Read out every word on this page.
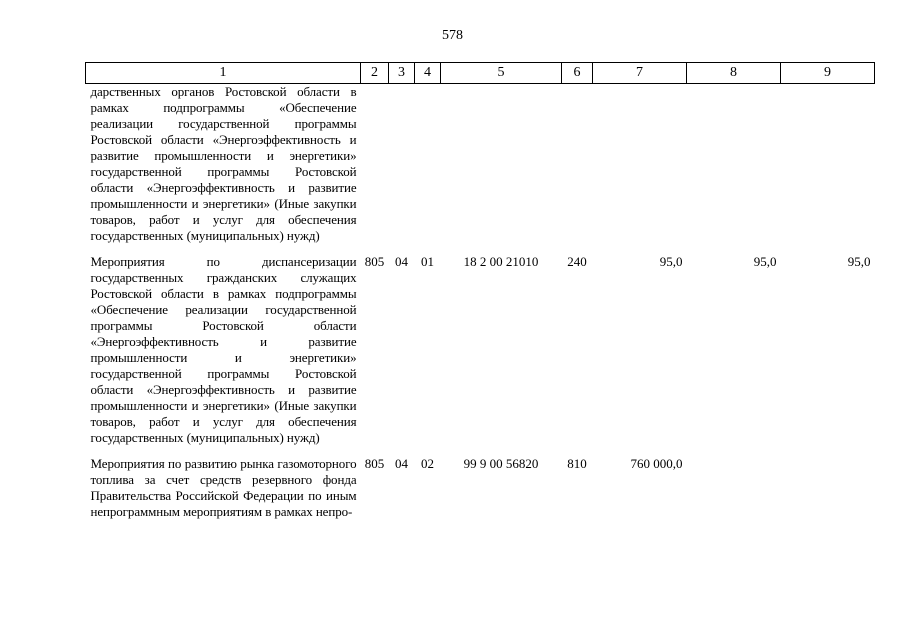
578
1	2	3	4	5	6	7	8	9
дарственных органов Ростовской области в рамках подпрограммы «Обеспечение реализации государственной программы Ростовской области «Энергоэффективность и развитие промышленности и энергетики» государственной программы Ростовской области «Энергоэффективность и развитие промышленности и энергетики» (Иные закупки товаров, работ и услуг для обеспечения государственных (муниципальных) нужд)								
Мероприятия по диспансеризации государственных гражданских служащих Ростовской области в рамках подпрограммы «Обеспечение реализации государственной программы Ростовской области «Энергоэффективность и развитие промышленности и энергетики» государственной программы Ростовской области «Энергоэффективность и развитие промышленности и энергетики» (Иные закупки товаров, работ и услуг для обеспечения государственных (муниципальных) нужд)	805	04	01	18 2 00 21010	240	95,0	95,0	95,0
Мероприятия по развитию рынка газомоторного топлива за счет средств резервного фонда Правительства Российской Федерации по иным непрограммным мероприятиям в рамках непро-	805	04	02	99 9 00 56820	810	760 000,0		
